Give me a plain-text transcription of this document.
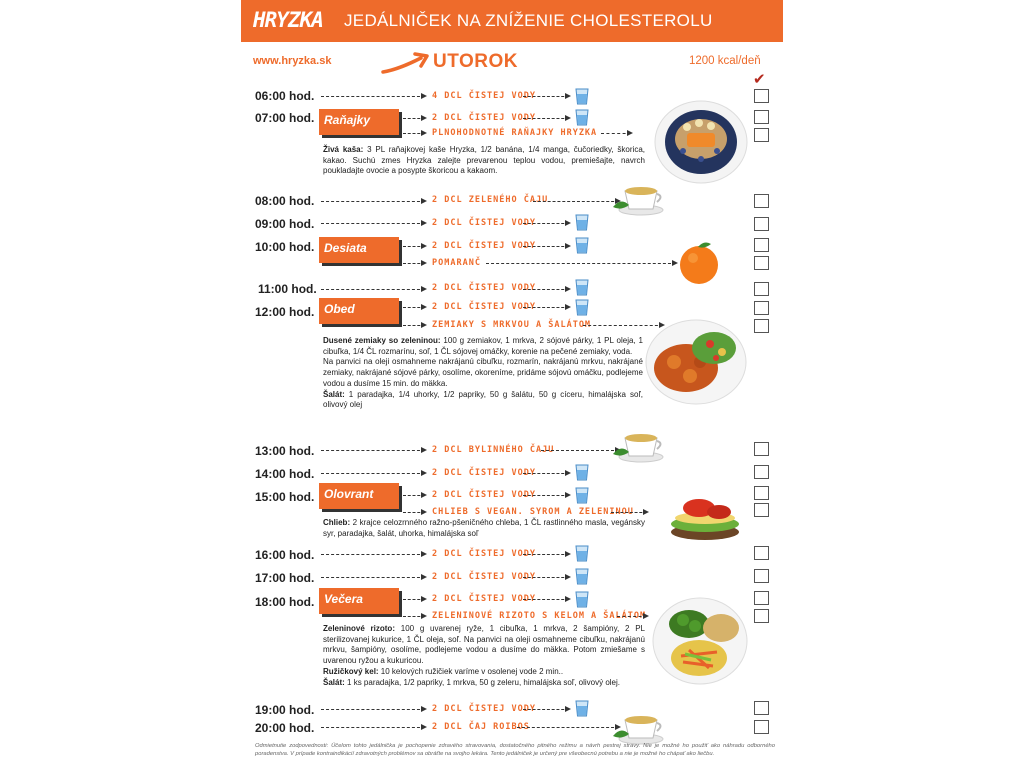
HRYZKA JEDÁLNIČEK NA ZNÍŽENIE CHOLESTEROLU
www.hryzka.sk	UTOROK	1200 kcal/deň
✔
06:00 hod.
07:00 hod.
08:00 hod.
09:00 hod.
10:00 hod.
11:00 hod.
12:00 hod.
13:00 hod.
14:00 hod.
15:00 hod.
16:00 hod.
17:00 hod.
18:00 hod.
19:00 hod.
20:00 hod.
Raňajky
Desiata
Obed
Olovrant
Večera
4 DCL ČISTEJ VODY
2 DCL ČISTEJ VODY
PLNOHODNOTNÉ RAŇAJKY HRYZKA
2 DCL ZELENÉHO ČAJU
2 DCL ČISTEJ VODY
2 DCL ČISTEJ VODY
POMARANČ
2 DCL ČISTEJ VODY
2 DCL ČISTEJ VODY
ZEMIAKY S MRKVOU A ŠALÁTOM
2 DCL BYLINNÉHO ČAJU
2 DCL ČISTEJ VODY
2 DCL ČISTEJ VODY
CHLIEB S VEGAN. SYROM A ZELENINOU
2 DCL ČISTEJ VODY
2 DCL ČISTEJ VODY
2 DCL ČISTEJ VODY
ZELENINOVÉ RIZOTO S KELOM A ŠALÁTOM
2 DCL ČISTEJ VODY
2 DCL ČAJ ROIBOS

Živá kaša: 3 PL raňajkovej kaše Hryzka, 1/2 banána, 1/4 manga, čučoriedky, škorica, kakao. Suchú zmes Hryzka zalejte prevarenou teplou vodou, premiešajte, navrch poukladajte ovocie a posypte škoricou a kakaom.

Dusené zemiaky so zeleninou: 100 g zemiakov, 1 mrkva, 2 sójové párky, 1 PL oleja, 1 cibuľka, 1/4 ČL rozmarínu, soľ, 1 ČL sójovej omáčky, korenie na pečené zemiaky, voda.

Na panvici na oleji osmahneme nakrájanú cibuľku, rozmarín, nakrájanú mrkvu, nakrájané zemiaky, nakrájané sójové párky, osolíme, okoreníme, pridáme sójovú omáčku, podlejeme vodou a dusíme 15 min. do mäkka.

Šalát: 1 paradajka, 1/4 uhorky, 1/2 papriky, 50 g šalátu, 50 g cíceru, himalájska soľ, olivový olej

Chlieb: 2 krajce celozrnného ražno-pšeničného chleba, 1 ČL rastlinného masla, vegánsky syr, paradajka, šalát, uhorka, himalájska soľ

Zeleninové rizoto: 100 g uvarenej ryže, 1 cibuľka, 1 mrkva, 2 šampióny, 2 PL sterilizovanej kukurice, 1 ČL oleja, soľ. Na panvici na oleji osmahneme cibuľku, nakrájanú mrkvu, šampióny, osolíme, podlejeme vodou a dusíme do mäkka. Potom zmiešame s uvarenou ryžou a kukuricou.

Ružičkový kel: 10 kelových ružičiek varíme v osolenej vode 2 min..

Šalát: 1 ks paradajka, 1/2 papriky, 1 mrkva, 50 g zeleru, himalájska soľ, olivový olej.

Odmietnutie zodpovednosti: Účelom tohto jedálnička je pochopenie zdravého stravovania, dostatočného pitného režimu a návrh pestrej stravy. Nie je možné ho použiť ako náhradu odborného poradenstva. V prípade kontraindikácií zdravotných problémov sa obráťte na svojho lekára. Tento jedálniček je určený pre všeobecnú potrebu a nie je možné ho chápať ako liečbu.
